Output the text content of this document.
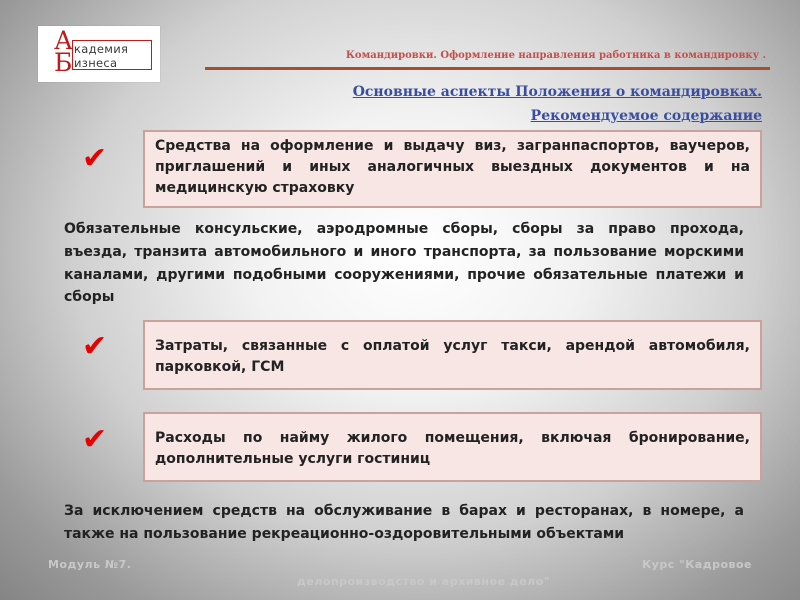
А кадемия
Б изнеса
Командировки. Оформление направления работника в командировку .
Основные аспекты Положения о командировках.
Рекомендуемое содержание
✔	Средства на оформление и выдачу виз, загранпаспортов, ваучеров, приглашений и иных аналогичных выездных документов и на медицинскую страховку
Обязательные консульские, аэродромные сборы, сборы за право прохода, въезда, транзита автомобильного и иного транспорта, за пользование морскими каналами, другими подобными сооружениями, прочие обязательные платежи и сборы
✔	Затраты, связанные с оплатой услуг такси, арендой автомобиля, парковкой, ГСМ
✔	Расходы по найму жилого помещения, включая бронирование, дополнительные услуги гостиниц
За исключением средств на обслуживание в барах и ресторанах, в номере, а также на пользование рекреационно-оздоровительными объектами
Модуль №7.	Курс "Кадровое
делопроизводство и архивное дело"
